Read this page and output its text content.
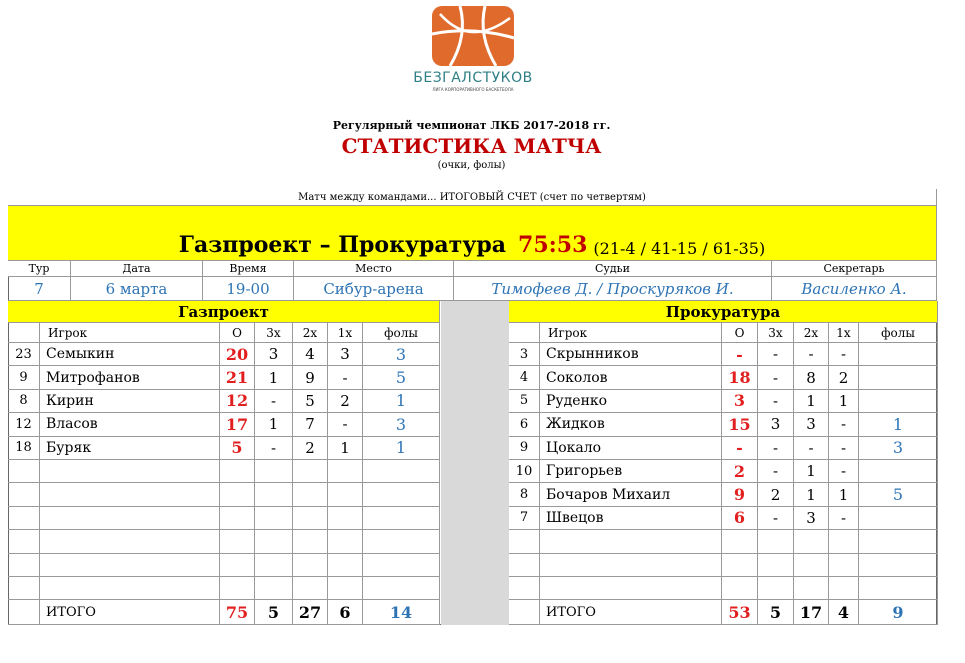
БЕЗГАЛСТУКОВ
ЛИГА КОРПОРАТИВНОГО БАСКЕТБОЛА
Регулярный чемпионат ЛКБ 2017-2018 гг.
СТАТИСТИКА МАТЧА
(очки, фолы)
Матч между командами... ИТОГОВЫЙ СЧЕТ (счет по четвертям)
Газпроект – Прокуратура 75:53 (21-4 / 41-15 / 61-35)
Тур	Дата	Время	Место	Судьи	Секретарь
7	6 марта	19-00	Сибур-арена	Тимофеев Д. / Проскуряков И.	Василенко А.
Газпроект
Игрок	О	3х	2х	1х	фолы
23	Семыкин	20	3	4	3	3
9	Митрофанов	21	1	9	-	5
8	Кирин	12	-	5	2	1
12	Власов	17	1	7	-	3
18	Буряк	5	-	2	1	1
ИТОГО	75	5	27	6	14
Прокуратура
Игрок	О	3х	2х	1х	фолы
3	Скрынников	-	-	-	-
4	Соколов	18	-	8	2
5	Руденко	3	-	1	1
6	Жидков	15	3	3	-	1
9	Цокало	-	-	-	-	3
10 Григорьев	2	-	1	-
8	Бочаров Михаил	9	2	1	1	5
7	Швецов	6	-	3	-
ИТОГО	53	5	17 4	9
